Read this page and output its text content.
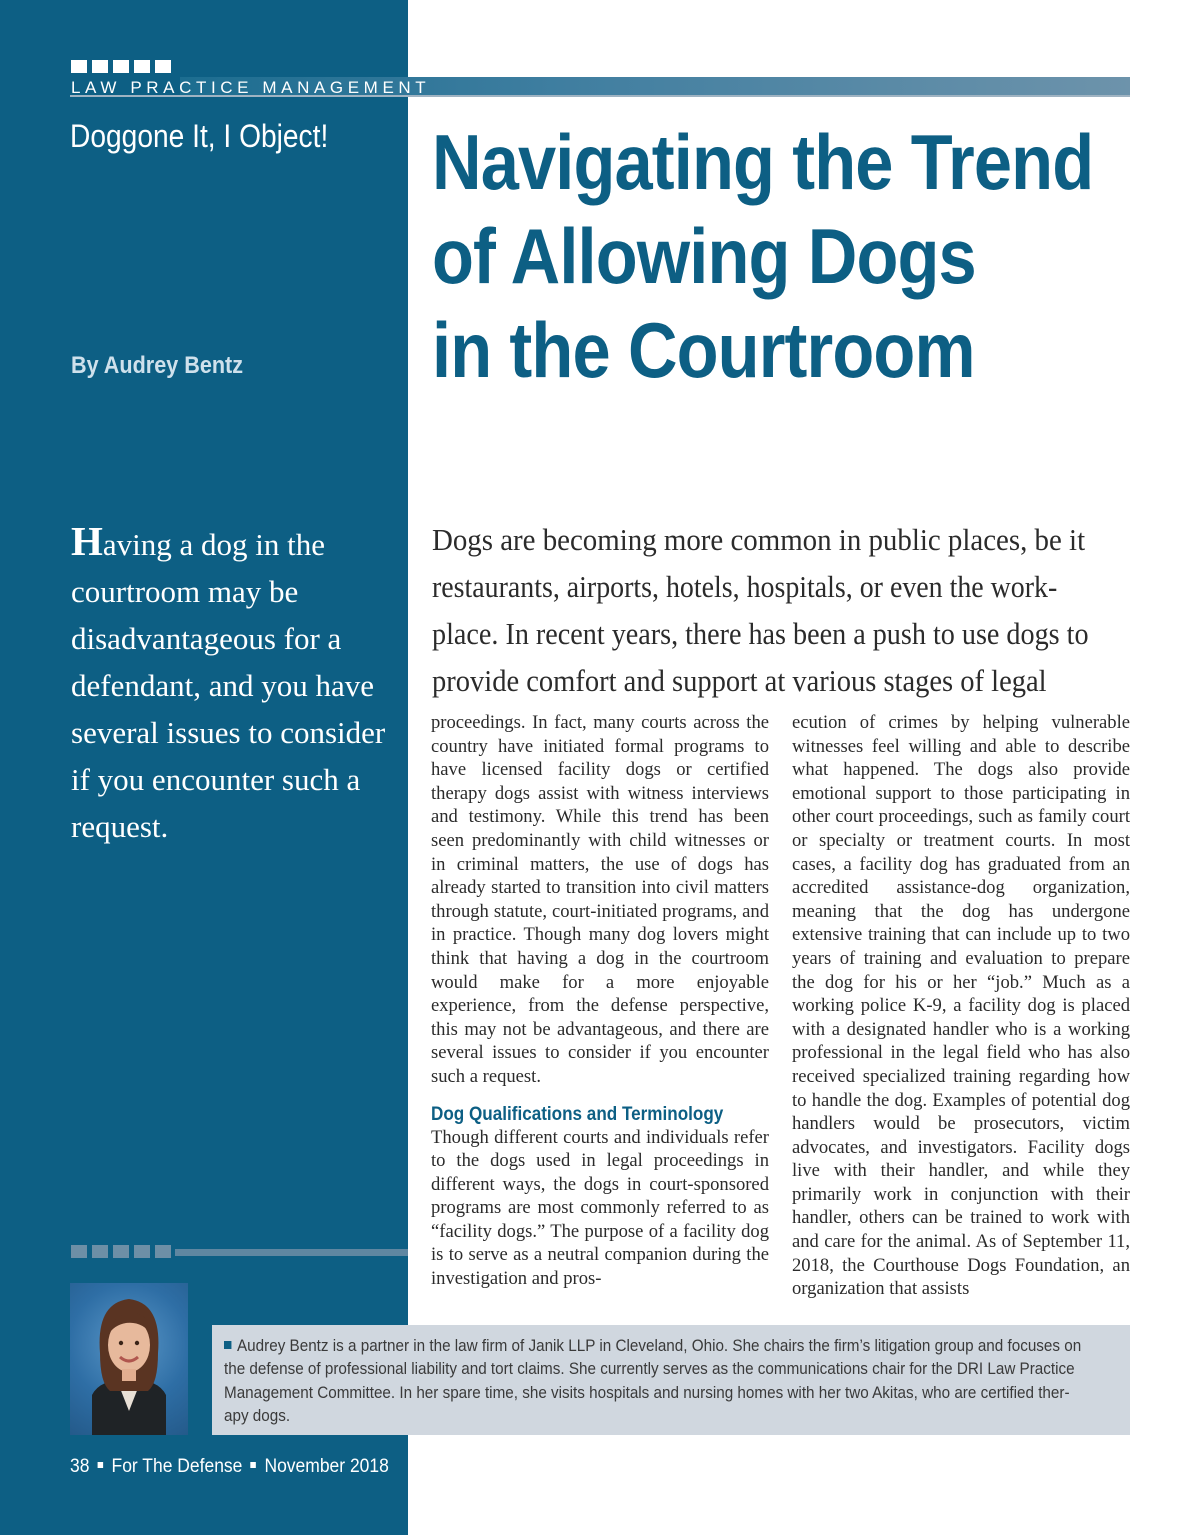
LAW PRACTICE MANAGEMENT
Doggone It, I Object! Navigating the Trend
of Allowing Dogs
in the Courtroom
By Audrey Bentz
Having a dog in the courtroom may be disadvantageous for a defendant, and you have several issues to consider if you encounter such a request.
Dogs are becoming more common in public places, be it
restaurants, airports, hotels, hospitals, or even the work-
place. In recent years, there has been a push to use dogs to
provide comfort and support at various stages of legal

proceedings. In fact, many courts across the country have initiated formal programs to have licensed facility dogs or certified therapy dogs assist with witness interviews and testimony. While this trend has been seen predominantly with child witnesses or in criminal matters, the use of dogs has already started to transition into civil matters through statute, court-initiated programs, and in practice. Though many dog lovers might think that having a dog in the courtroom would make for a more enjoyable experience, from the defense perspective, this may not be advantageous, and there are several issues to consider if you encounter such a request.

Dog Qualifications and Terminology

Though different courts and individuals refer to the dogs used in legal proceedings in different ways, the dogs in court-sponsored programs are most commonly referred to as “facility dogs.” The purpose of a facility dog is to serve as a neutral companion during the investigation and pros-

ecution of crimes by helping vulnerable witnesses feel willing and able to describe what happened. The dogs also provide emotional support to those participating in other court proceedings, such as family court or specialty or treatment courts. In most cases, a facility dog has graduated from an accredited assistance-dog organization, meaning that the dog has undergone extensive training that can include up to two years of training and evaluation to prepare the dog for his or her “job.” Much as a working police K-9, a facility dog is placed with a designated handler who is a working professional in the legal field who has also received specialized training regarding how to handle the dog. Examples of potential dog handlers would be prosecutors, victim advocates, and investigators. Facility dogs live with their handler, and while they primarily work in conjunction with their handler, others can be trained to work with and care for the animal. As of September 11, 2018, the Courthouse Dogs Foundation, an organization that assists

Audrey Bentz is a partner in the law firm of Janik LLP in Cleveland, Ohio. She chairs the firm’s litigation group and focuses on
the defense of professional liability and tort claims. She currently serves as the communications chair for the DRI Law Practice
Management Committee. In her spare time, she visits hospitals and nursing homes with her two Akitas, who are certified ther-
apy dogs.
38 For The Defense November 2018
